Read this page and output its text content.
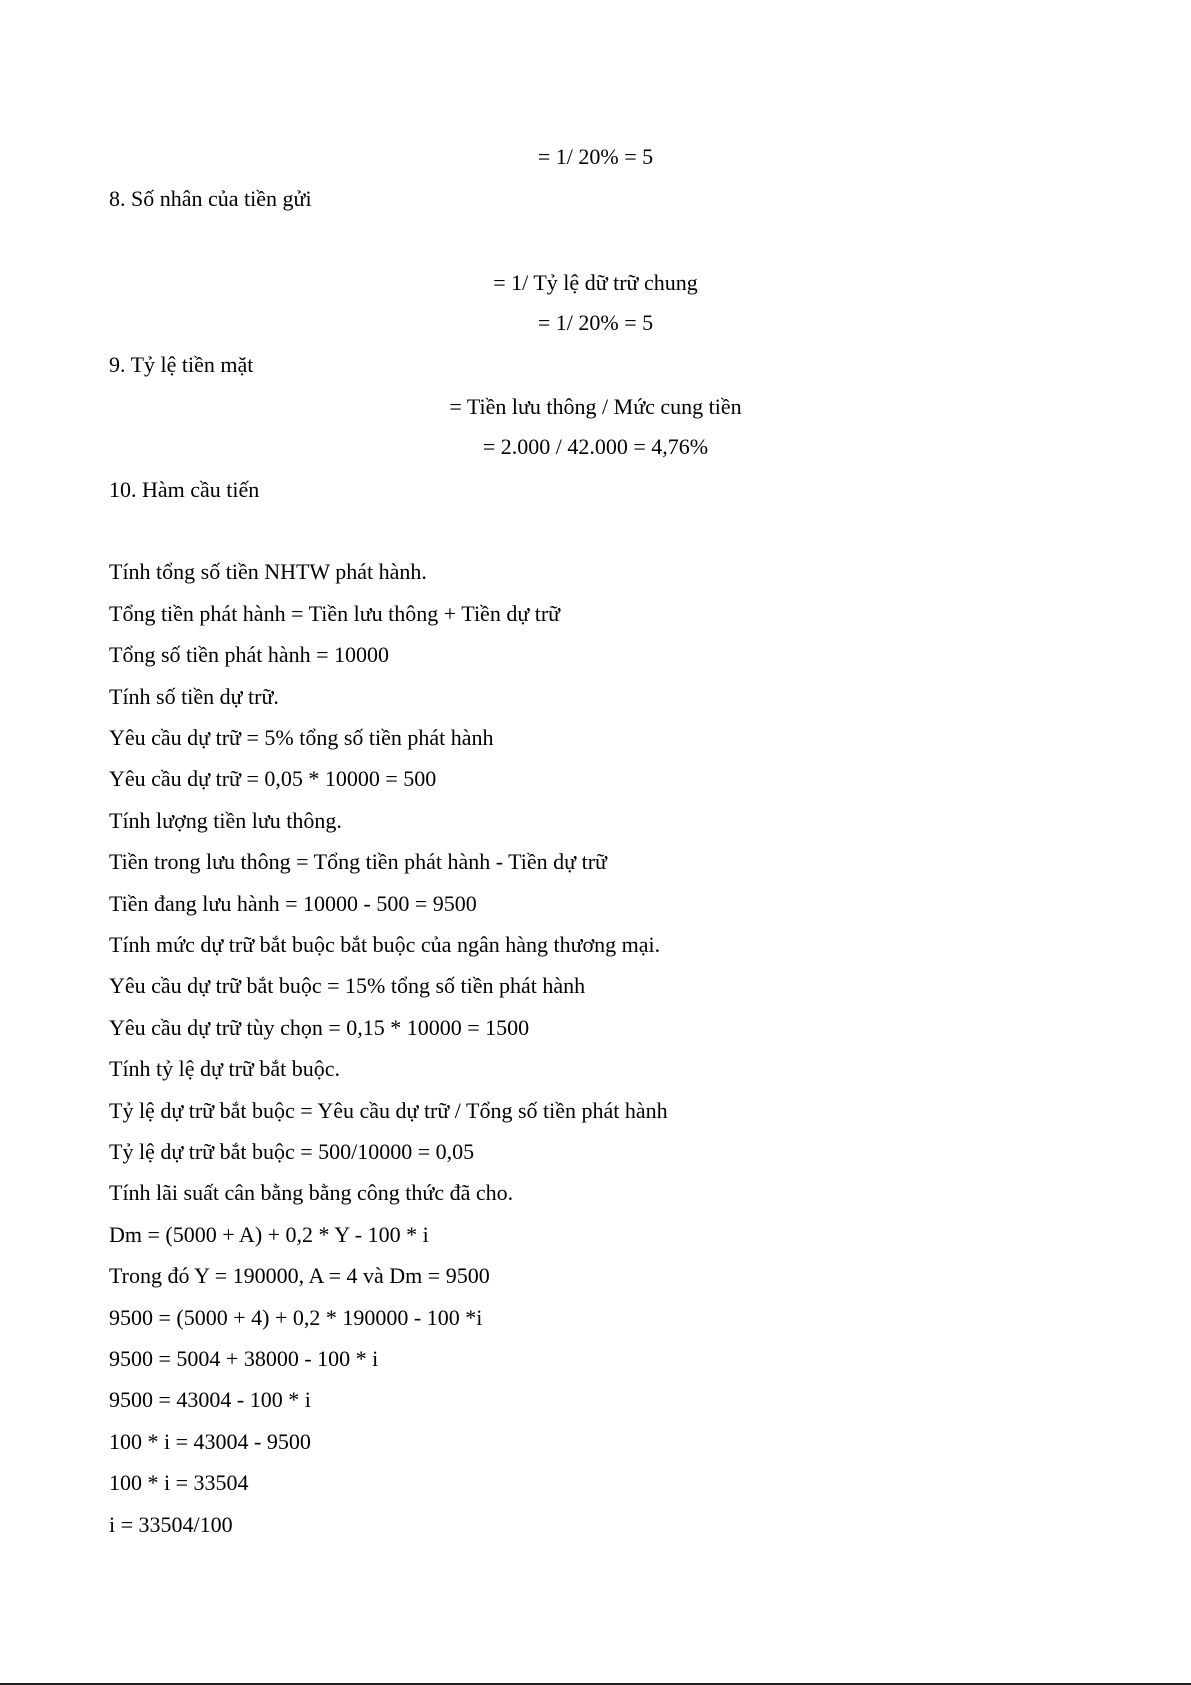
= 1/ 20% = 5
8. Số nhân của tiền gửi
= 1/ Tỷ lệ dữ trữ chung
= 1/ 20% = 5
9. Tỷ lệ tiền mặt
= Tiền lưu thông / Mức cung tiền
= 2.000 / 42.000 = 4,76%
10. Hàm cầu tiến
Tính tổng số tiền NHTW phát hành.
Tổng tiền phát hành = Tiền lưu thông + Tiền dự trữ
Tổng số tiền phát hành = 10000
Tính số tiền dự trữ.
Yêu cầu dự trữ = 5% tổng số tiền phát hành
Yêu cầu dự trữ = 0,05 * 10000 = 500
Tính lượng tiền lưu thông.
Tiền trong lưu thông = Tổng tiền phát hành - Tiền dự trữ
Tiền đang lưu hành = 10000 - 500 = 9500
Tính mức dự trữ bắt buộc bắt buộc của ngân hàng thương mại.
Yêu cầu dự trữ bắt buộc = 15% tổng số tiền phát hành
Yêu cầu dự trữ tùy chọn = 0,15 * 10000 = 1500
Tính tỷ lệ dự trữ bắt buộc.
Tỷ lệ dự trữ bắt buộc = Yêu cầu dự trữ / Tổng số tiền phát hành
Tỷ lệ dự trữ bắt buộc = 500/10000 = 0,05
Tính lãi suất cân bằng bằng công thức đã cho.
Dm = (5000 + A) + 0,2 * Y - 100 * i
Trong đó Y = 190000, A = 4 và Dm = 9500
9500 = (5000 + 4) + 0,2 * 190000 - 100 *i
9500 = 5004 + 38000 - 100 * i
9500 = 43004 - 100 * i
100 * i = 43004 - 9500
100 * i = 33504
i = 33504/100
